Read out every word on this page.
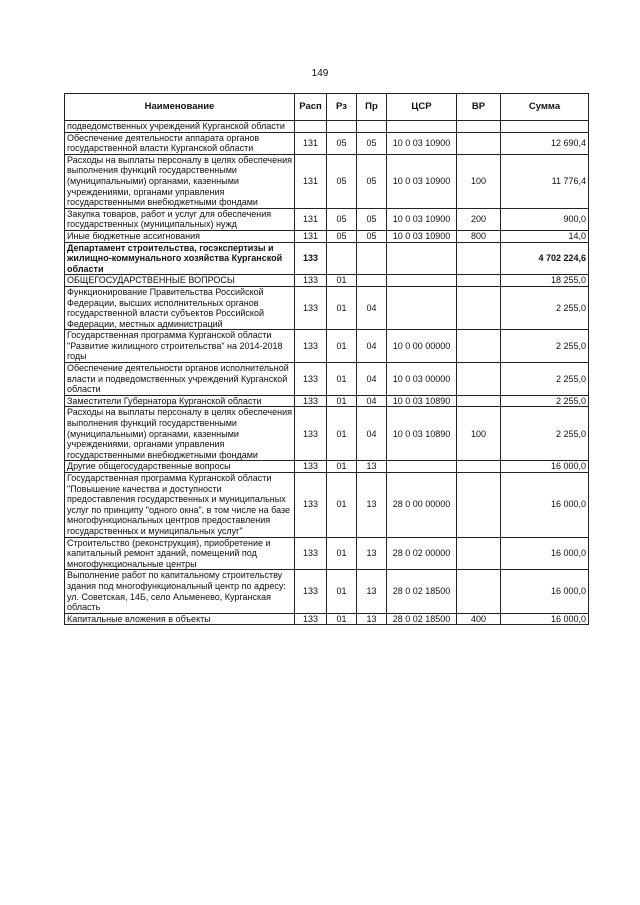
149
Наименование	Расп	Рз	Пр	ЦСР	ВР	Сумма
подведомственных учреждений Курганской области						
Обеспечение деятельности аппарата органов государственной власти Курганской области	131	05	05	10 0 03 10900		12 690,4
Расходы на выплаты персоналу в целях обеспечения выполнения функций государственными (муниципальными) органами, казенными учреждениями, органами управления государственными внебюджетными фондами	131	05	05	10 0 03 10900	100	11 776,4
Закупка товаров, работ и услуг для обеспечения государственных (муниципальных) нужд	131	05	05	10 0 03 10900	200	900,0
Иные бюджетные ассигнования	131	05	05	10 0 03 10900	800	14,0
Департамент строительства, госэкспертизы и жилищно-коммунального хозяйства Курганской области	133					4 702 224,6
ОБЩЕГОСУДАРСТВЕННЫЕ ВОПРОСЫ	133	01				18 255,0
Функционирование Правительства Российской Федерации, высших исполнительных органов государственной власти субъектов Российской Федерации, местных администраций	133	01	04			2 255,0
Государственная программа Курганской области "Развитие жилищного строительства" на 2014-2018 годы	133	01	04	10 0 00 00000		2 255,0
Обеспечение деятельности органов исполнительной власти и подведомственных учреждений Курганской области	133	01	04	10 0 03 00000		2 255,0
Заместители Губернатора Курганской области	133	01	04	10 0 03 10890		2 255,0
Расходы на выплаты персоналу в целях обеспечения выполнения функций государственными (муниципальными) органами, казенными учреждениями, органами управления государственными внебюджетными фондами	133	01	04	10 0 03 10890	100	2 255,0
Другие общегосударственные вопросы	133	01	13			16 000,0
Государственная программа Курганской области "Повышение качества и доступности предоставления государственных и муниципальных услуг по принципу "одного окна", в том числе на базе многофункциональных центров предоставления государственных и муниципальных услуг"	133	01	13	28 0 00 00000		16 000,0
Строительство (реконструкция), приобретение и капитальный ремонт зданий, помещений под многофункциональные центры	133	01	13	28 0 02 00000		16 000,0
Выполнение работ по капитальному строительству здания под многофункциональный центр по адресу: ул. Советская, 14Б, село Альменево, Курганская область	133	01	13	28 0 02 18500		16 000,0
Капитальные вложения в объекты	133	01	13	28 0 02 18500	400	16 000,0
